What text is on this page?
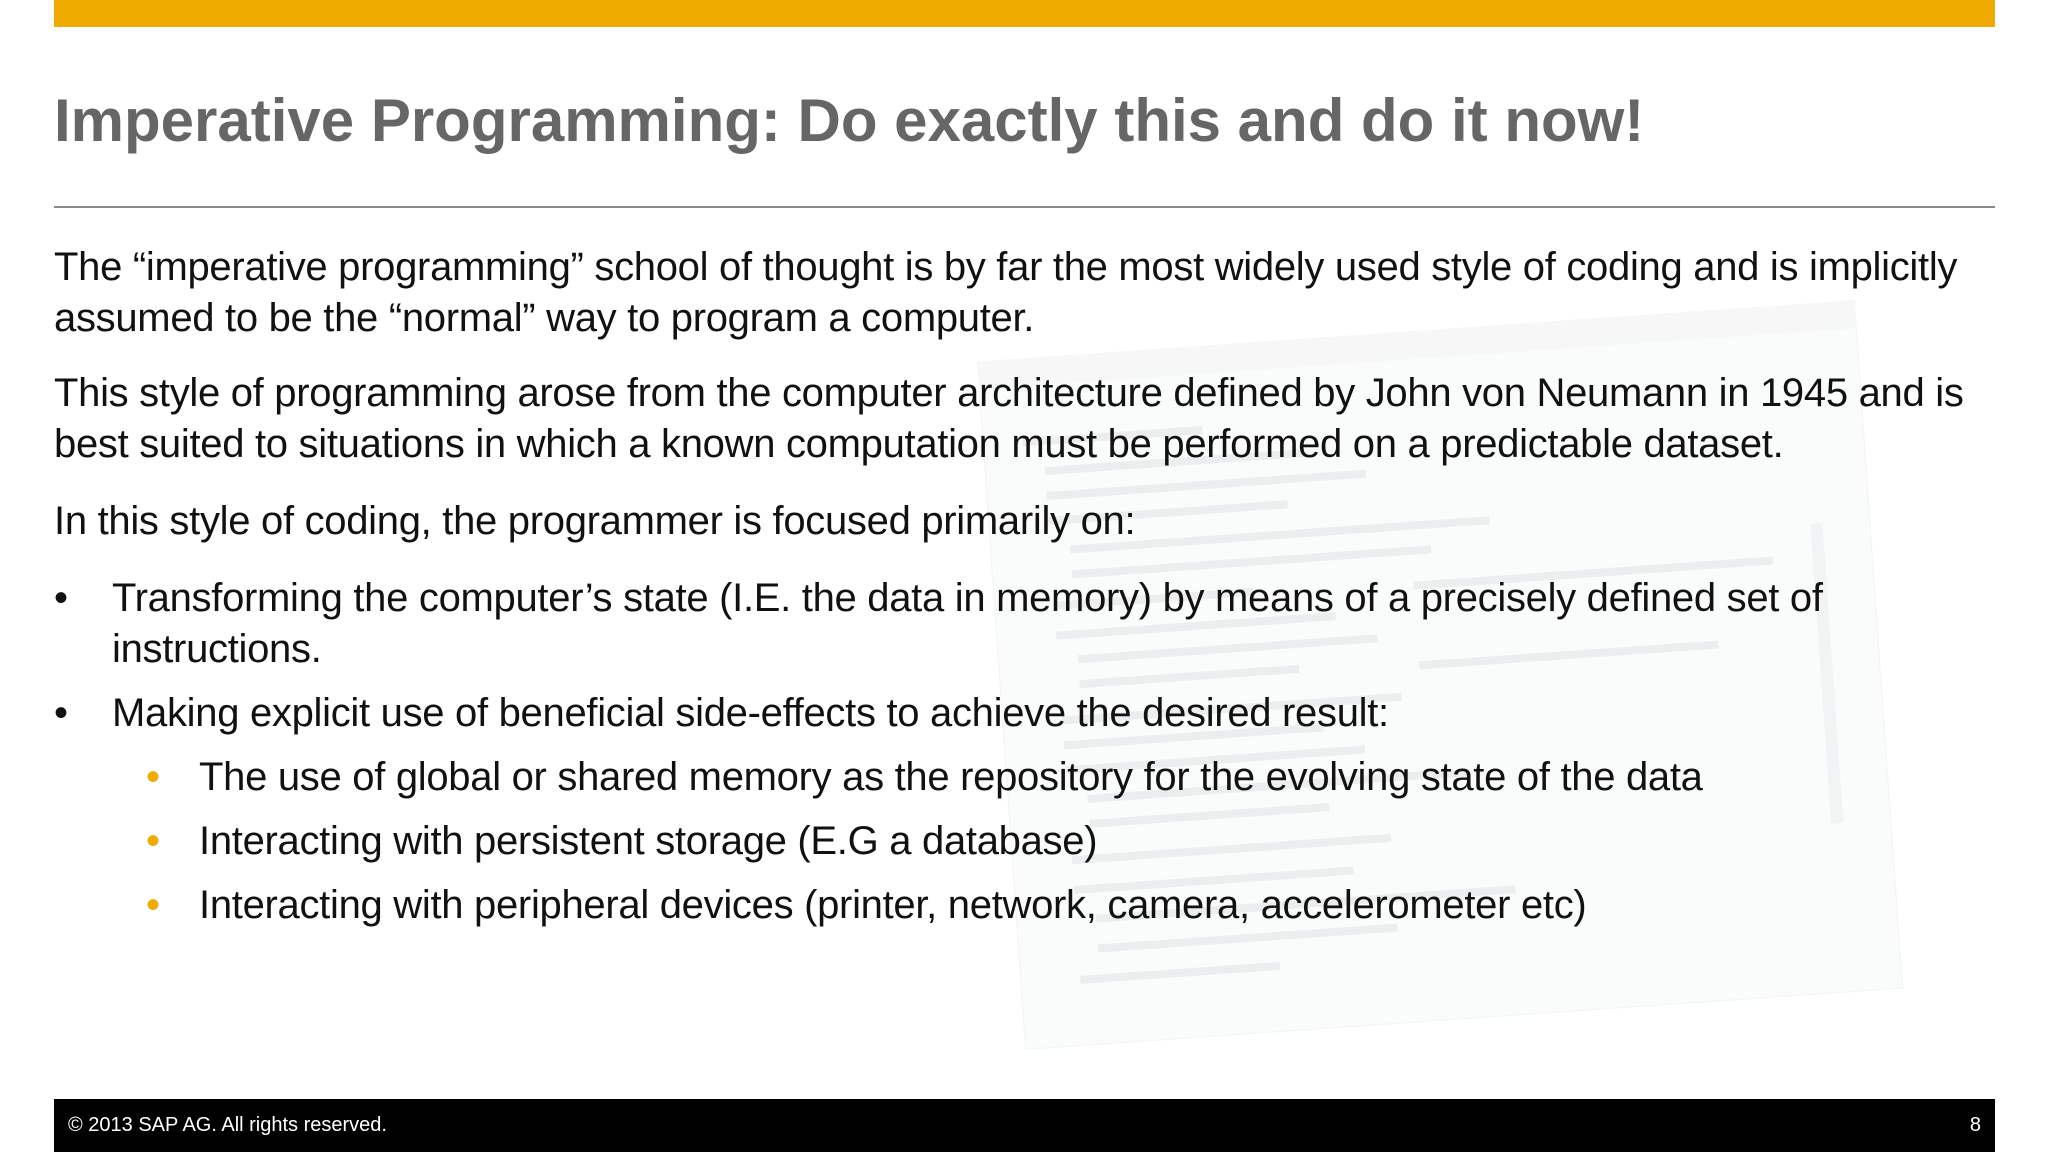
Imperative Programming: Do exactly this and do it now!

The “imperative programming” school of thought is by far the most widely used style of coding and is implicitly assumed to be the “normal” way to program a computer.

This style of programming arose from the computer architecture defined by John von Neumann in 1945 and is best suited to situations in which a known computation must be performed on a predictable dataset.

In this style of coding, the programmer is focused primarily on:

•	Transforming the computer’s state (I.E. the data in memory) by means of a precisely defined set of instructions.
•	Making explicit use of beneficial side-effects to achieve the desired result:
• The use of global or shared memory as the repository for the evolving state of the data
• Interacting with persistent storage (E.G a database)
• Interacting with peripheral devices (printer, network, camera, accelerometer etc)
© 2013 SAP AG. All rights reserved.	8
